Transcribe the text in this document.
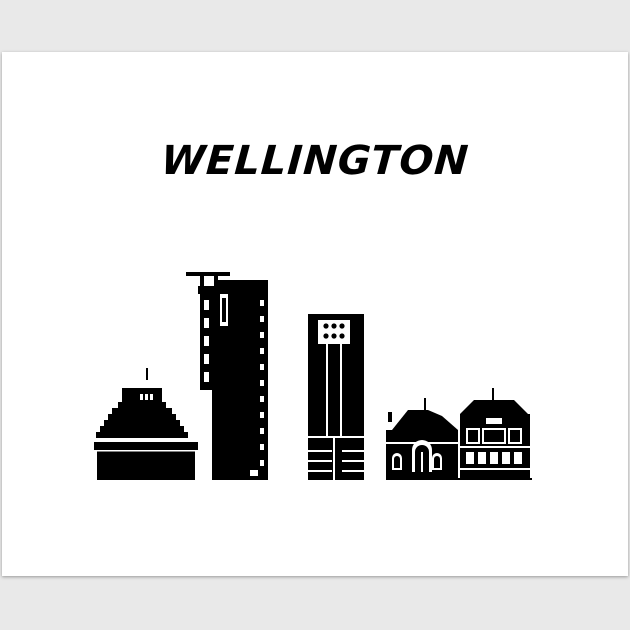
WELLINGTON
